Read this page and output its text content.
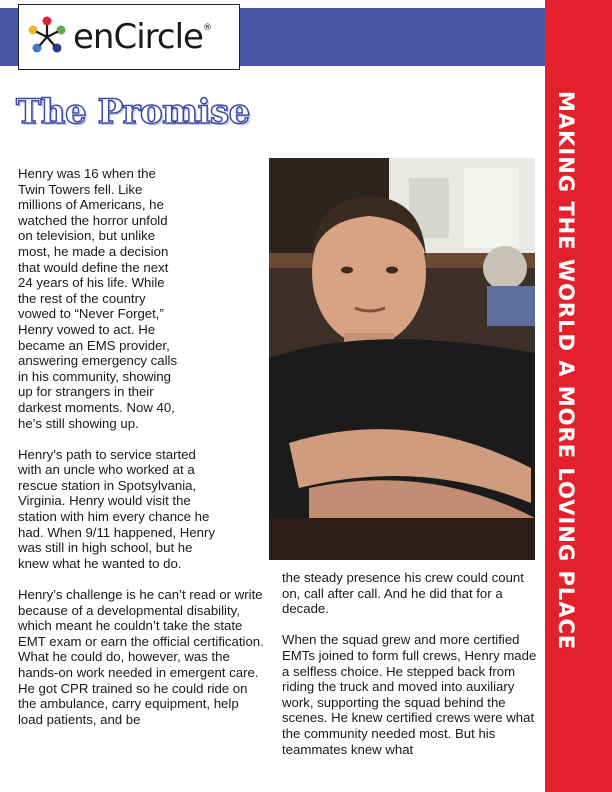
enCircle®
MAKING THE WORLD A MORE LOVING PLACE
The Promise

Henry was 16 when the Twin Towers fell. Like millions of Americans, he watched the horror unfold on television, but unlike most, he made a decision that would define the next 24 years of his life. While the rest of the country vowed to “Never Forget,” Henry vowed to act. He became an EMS provider, answering emergency calls in his community, showing up for strangers in their darkest moments. Now 40, he’s still showing up.

Henry’s path to service started with an uncle who worked at a rescue station in Spotsylvania, Virginia. Henry would visit the station with him every chance he had. When 9/11 happened, Henry was still in high school, but he knew what he wanted to do.

Henry’s challenge is he can’t read or write because of a developmental disability, which meant he couldn’t take the state EMT exam or earn the official certification. What he could do, however, was the hands-on work needed in emergent care. He got CPR trained so he could ride on the ambulance, carry equipment, help load patients, and be

the steady presence his crew could count on, call after call. And he did that for a decade.

When the squad grew and more certified EMTs joined to form full crews, Henry made a selfless choice. He stepped back from riding the truck and moved into auxiliary work, supporting the squad behind the scenes. He knew certified crews were what the community needed most. But his teammates knew what
